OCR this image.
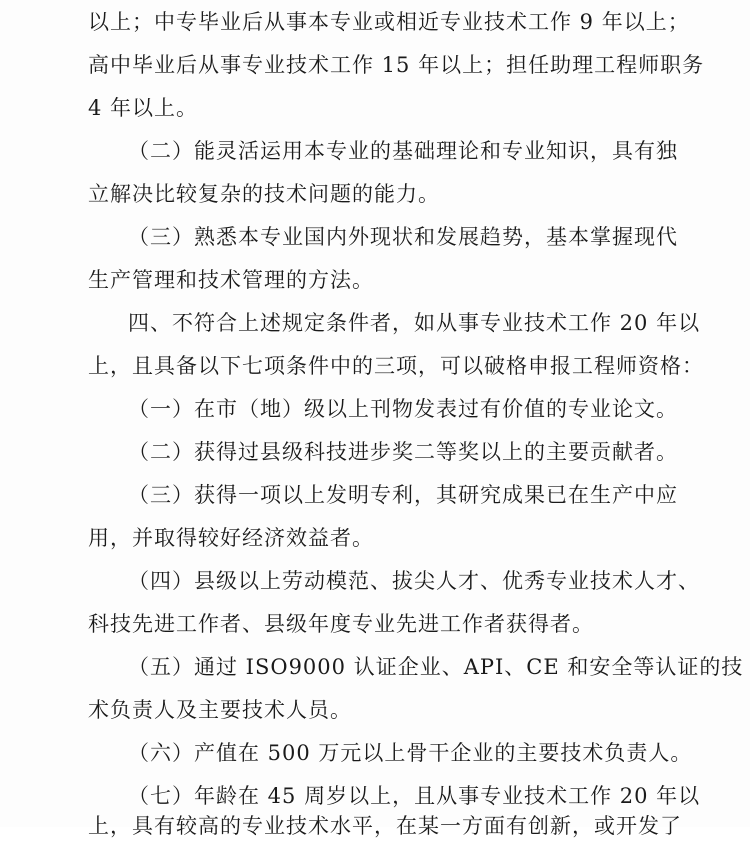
以上；中专毕业后从事本专业或相近专业技术工作 9 年以上；
高中毕业后从事专业技术工作 15 年以上；担任助理工程师职务
4 年以上。
（二）能灵活运用本专业的基础理论和专业知识，具有独
立解决比较复杂的技术问题的能力。
（三）熟悉本专业国内外现状和发展趋势，基本掌握现代
生产管理和技术管理的方法。
四、不符合上述规定条件者，如从事专业技术工作 20 年以
上，且具备以下七项条件中的三项，可以破格申报工程师资格：
（一）在市（地）级以上刊物发表过有价值的专业论文。
（二）获得过县级科技进步奖二等奖以上的主要贡献者。
（三）获得一项以上发明专利，其研究成果已在生产中应
用，并取得较好经济效益者。
（四）县级以上劳动模范、拔尖人才、优秀专业技术人才、
科技先进工作者、县级年度专业先进工作者获得者。
（五）通过 ISO9000 认证企业、API、CE 和安全等认证的技
术负责人及主要技术人员。
（六）产值在 500 万元以上骨干企业的主要技术负责人。
（七）年龄在 45 周岁以上，且从事专业技术工作 20 年以
上，具有较高的专业技术水平，在某一方面有创新，或开发了
